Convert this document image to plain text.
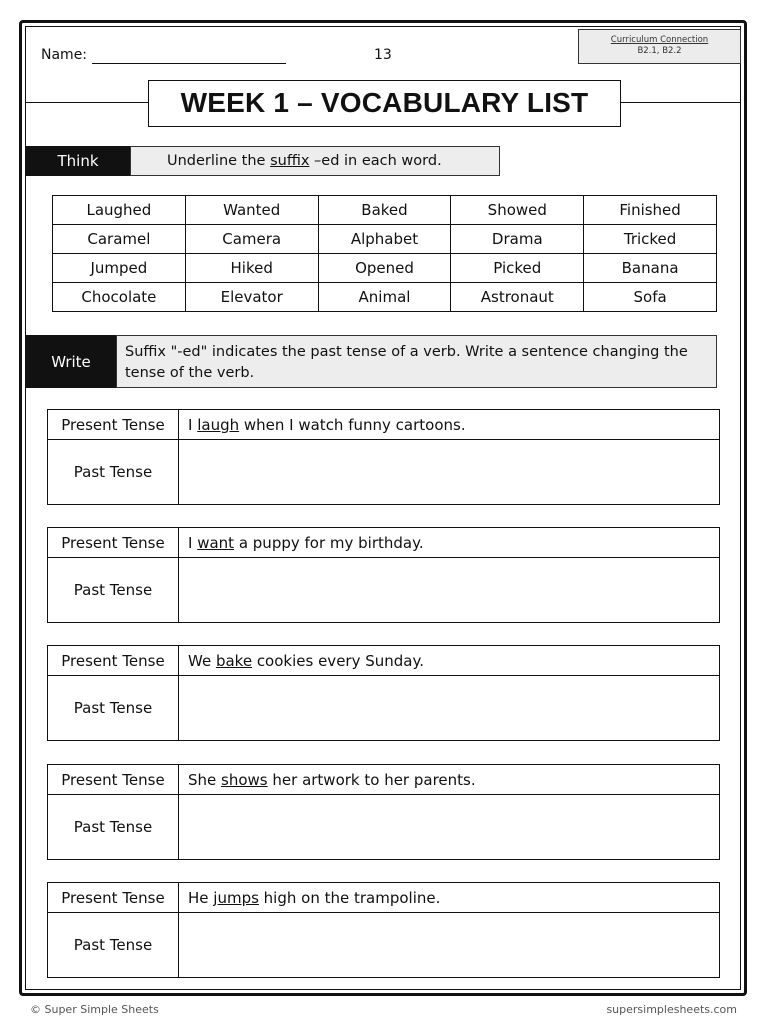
Name:	13
Curriculum Connection
B2.1, B2.2
WEEK 1 – VOCABULARY LIST
Think	Underline the suffix –ed in each word.
Laughed	Wanted	Baked	Showed	Finished
Caramel	Camera	Alphabet	Drama	Tricked
Jumped	Hiked	Opened	Picked	Banana
Chocolate	Elevator	Animal	Astronaut	Sofa
Write
Suffix "-ed" indicates the past tense of a verb. Write a sentence changing the tense of the verb.
Present Tense	I laugh when I watch funny cartoons.
Past Tense
Present Tense	I want a puppy for my birthday.
Past Tense
Present Tense	We bake cookies every Sunday.
Past Tense
Present Tense	She shows her artwork to her parents.
Past Tense
Present Tense	He jumps high on the trampoline.
Past Tense
© Super Simple Sheets	supersimplesheets.com
